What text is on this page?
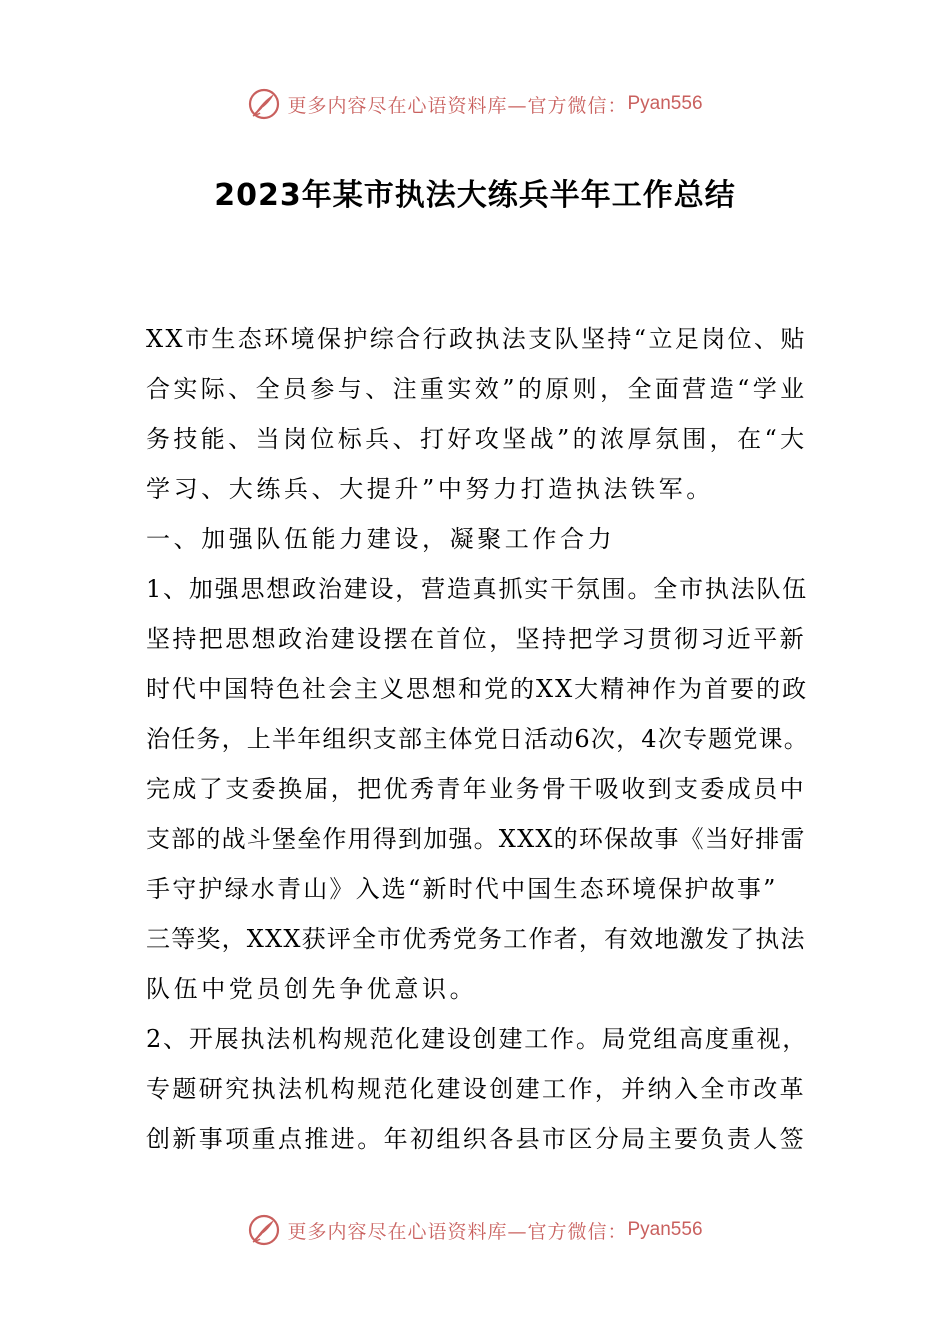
更多内容尽在心语资料库—官方微信： Pyan556
2023年某市执法大练兵半年工作总结
XX市生态环境保护综合行政执法支队坚持“立足岗位、贴
合实际、全员参与、注重实效”的原则，全面营造“学业
务技能、当岗位标兵、打好攻坚战”的浓厚氛围，在“大
学习、大练兵、大提升”中努力打造执法铁军。
一、加强队伍能力建设，凝聚工作合力
1、加强思想政治建设，营造真抓实干氛围。全市执法队伍
坚持把思想政治建设摆在首位，坚持把学习贯彻习近平新
时代中国特色社会主义思想和党的XX大精神作为首要的政
治任务，上半年组织支部主体党日活动6次，4次专题党课。
完成了支委换届，把优秀青年业务骨干吸收到支委成员中
支部的战斗堡垒作用得到加强。XXX的环保故事《当好排雷
手守护绿水青山》入选“新时代中国生态环境保护故事”
三等奖，XXX获评全市优秀党务工作者，有效地激发了执法
队伍中党员创先争优意识。
2、开展执法机构规范化建设创建工作。局党组高度重视，
专题研究执法机构规范化建设创建工作，并纳入全市改革
创新事项重点推进。年初组织各县市区分局主要负责人签
更多内容尽在心语资料库—官方微信： Pyan556
